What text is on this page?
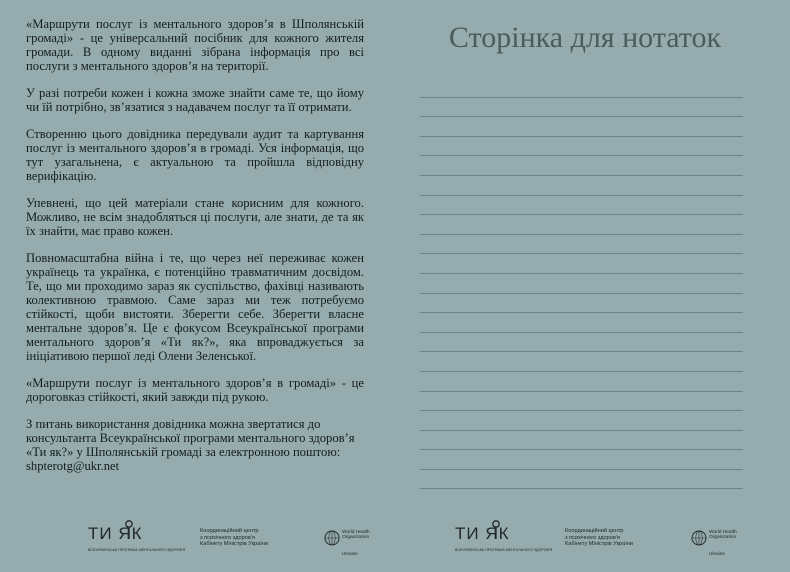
«Маршрути послуг із ментального здоров’я в Шполянській громаді» - це універсальний посібник для кожного жителя громади. В одному виданні зібрана інформація про всі послуги з ментального здоров’я на території.

У разі потреби кожен і кожна зможе знайти саме те, що йому чи їй потрібно, зв’язатися з надавачем послуг та її отримати.

Створенню цього довідника передували аудит та картування послуг із ментального здоров’я в громаді. Уся інформація, що тут узагальнена, є актуальною та пройшла відповідну верифікацію.

Упевнені, що цей матеріали стане корисним для кожного. Можливо, не всім знадобляться ці послуги, але знати, де та як їх знайти, має право кожен.

Повномасштабна війна і те, що через неї переживає кожен українець та українка, є потенційно травматичним досвідом. Те, що ми проходимо зараз як суспільство, фахівці називають колективною травмою. Саме зараз ми теж потребуємо стійкості, щоби вистояти. Зберегти себе. Зберегти власне ментальне здоров’я. Це є фокусом Всеукраїнської програми ментального здоров’я «Ти як?», яка впроваджується за ініціативою першої леді Олени Зеленської.

«Маршрути послуг із ментального здоров’я в громаді» - це дороговказ стійкості, який завжди під рукою.

З питань використання довідника можна звертатися до консультанта Всеукраїнської програми ментального здоров’я «Ти як?» у Шполянській громаді за електронною поштою:
shpterotg@ukr.net

ТИ ЯК
ВСЕУКРАЇНСЬКА ПРОГРАМА МЕНТАЛЬНОГО ЗДОРОВ'Я
Координаційний центр
з психічного здоров'я
Кабінету Міністрів України
World Health
Organization
Ukraine
Сторінка для нотаток
ТИ ЯК
ВСЕУКРАЇНСЬКА ПРОГРАМА МЕНТАЛЬНОГО ЗДОРОВ'Я
Координаційний центр
з психічного здоров'я
Кабінету Міністрів України
World Health
Organization
Ukraine
